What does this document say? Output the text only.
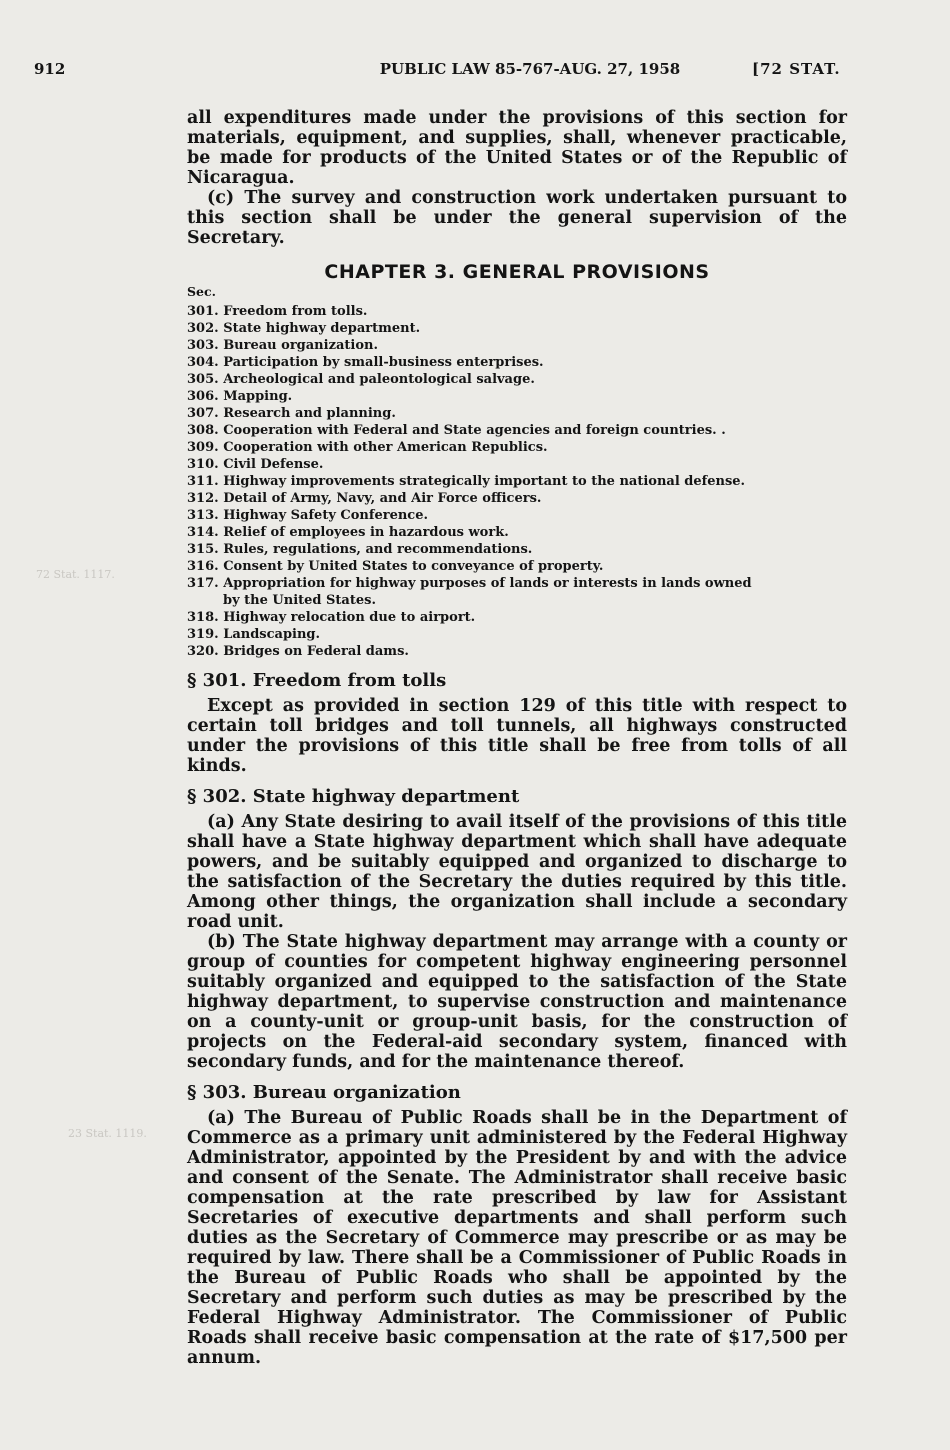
72 Stat. 1117.
23 Stat. 1119.
912	PUBLIC LAW 85-767-AUG. 27, 1958	[72 STAT.

all expenditures made under the provisions of this section for materials, equipment, and supplies, shall, whenever practicable, be made for products of the United States or of the Republic of Nicaragua.

(c) The survey and construction work undertaken pursuant to this section shall be under the general supervision of the Secretary.

CHAPTER 3. GENERAL PROVISIONS
Sec.
301. Freedom from tolls.
302. State highway department.
303. Bureau organization.
304. Participation by small-business enterprises.
305. Archeological and paleontological salvage.
306. Mapping.
307. Research and planning.
308. Cooperation with Federal and State agencies and foreign countries. .
309. Cooperation with other American Republics.
310. Civil Defense.
311. Highway improvements strategically important to the national defense.
312. Detail of Army, Navy, and Air Force officers.
313. Highway Safety Conference.
314. Relief of employees in hazardous work.
315. Rules, regulations, and recommendations.
316. Consent by United States to conveyance of property.
317. Appropriation for highway purposes of lands or interests in lands owned
by the United States.
318. Highway relocation due to airport.
319. Landscaping.
320. Bridges on Federal dams.
§ 301. Freedom from tolls

Except as provided in section 129 of this title with respect to certain toll bridges and toll tunnels, all highways constructed under the provisions of this title shall be free from tolls of all kinds.

§ 302. State highway department

(a) Any State desiring to avail itself of the provisions of this title shall have a State highway department which shall have adequate powers, and be suitably equipped and organized to discharge to the satisfaction of the Secretary the duties required by this title. Among other things, the organization shall include a secondary road unit.

(b) The State highway department may arrange with a county or group of counties for competent highway engineering personnel suitably organized and equipped to the satisfaction of the State highway department, to supervise construction and maintenance on a county-unit or group-unit basis, for the construction of projects on the Federal-aid secondary system, financed with secondary funds, and for the maintenance thereof.

§ 303. Bureau organization

(a) The Bureau of Public Roads shall be in the Department of Commerce as a primary unit administered by the Federal Highway Administrator, appointed by the President by and with the advice and consent of the Senate. The Administrator shall receive basic compensation at the rate prescribed by law for Assistant Secretaries of executive departments and shall perform such duties as the Secretary of Commerce may prescribe or as may be required by law. There shall be a Commissioner of Public Roads in the Bureau of Public Roads who shall be appointed by the Secretary and perform such duties as may be prescribed by the Federal Highway Administrator. The Commissioner of Public Roads shall receive basic compensation at the rate of $17,500 per annum.
